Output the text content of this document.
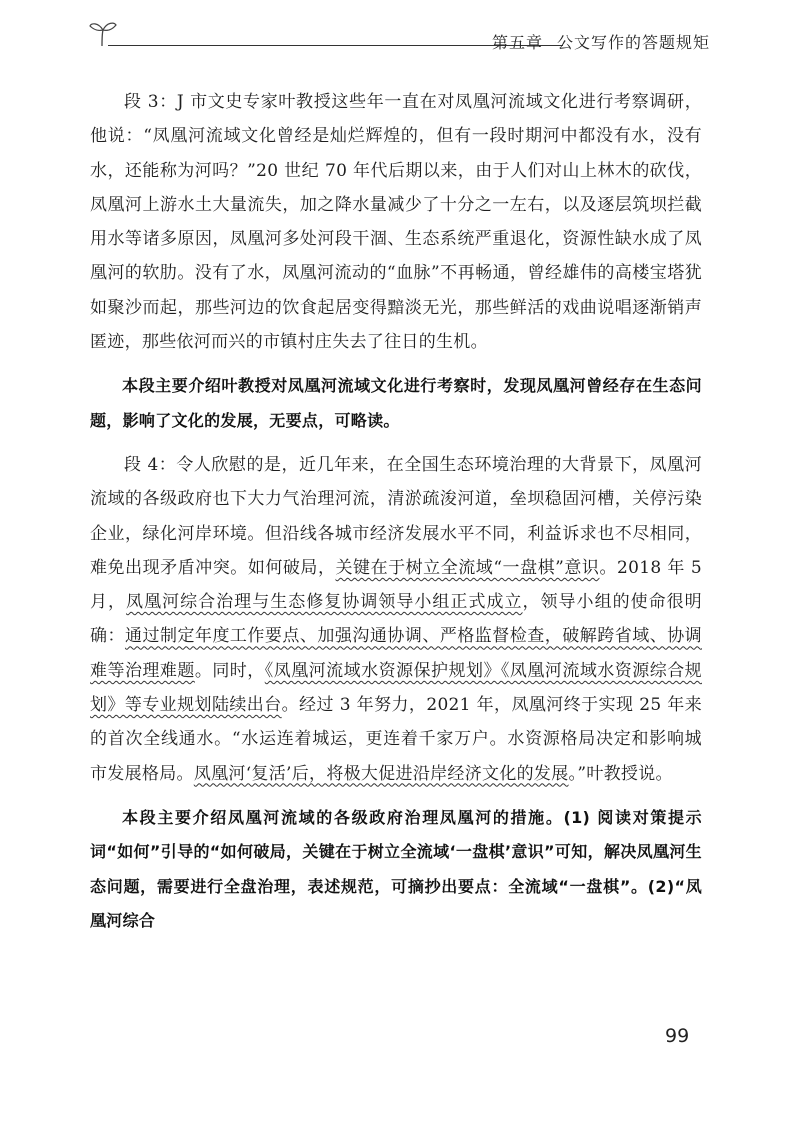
第五章 公文写作的答题规矩

段 3：J 市文史专家叶教授这些年一直在对凤凰河流域文化进行考察调研，他说：“凤凰河流域文化曾经是灿烂辉煌的，但有一段时期河中都没有水，没有水，还能称为河吗？”20 世纪 70 年代后期以来，由于人们对山上林木的砍伐，凤凰河上游水土大量流失，加之降水量减少了十分之一左右，以及逐层筑坝拦截用水等诸多原因，凤凰河多处河段干涸、生态系统严重退化，资源性缺水成了凤凰河的软肋。没有了水，凤凰河流动的“血脉”不再畅通，曾经雄伟的高楼宝塔犹如聚沙而起，那些河边的饮食起居变得黯淡无光，那些鲜活的戏曲说唱逐渐销声匿迹，那些依河而兴的市镇村庄失去了往日的生机。

本段主要介绍叶教授对凤凰河流域文化进行考察时，发现凤凰河曾经存在生态问题，影响了文化的发展，无要点，可略读。

段 4：令人欣慰的是，近几年来，在全国生态环境治理的大背景下，凤凰河流域的各级政府也下大力气治理河流，清淤疏浚河道，垒坝稳固河槽，关停污染企业，绿化河岸环境。但沿线各城市经济发展水平不同，利益诉求也不尽相同，难免出现矛盾冲突。如何破局，关键在于树立全流域“一盘棋”意识。2018 年 5 月，凤凰河综合治理与生态修复协调领导小组正式成立，领导小组的使命很明确：通过制定年度工作要点、加强沟通协调、严格监督检查，破解跨省域、协调难等治理难题。同时，《凤凰河流域水资源保护规划》《凤凰河流域水资源综合规划》等专业规划陆续出台。经过 3 年努力，2021 年，凤凰河终于实现 25 年来的首次全线通水。“水运连着城运，更连着千家万户。水资源格局决定和影响城市发展格局。凤凰河‘复活’后，将极大促进沿岸经济文化的发展。”叶教授说。

本段主要介绍凤凰河流域的各级政府治理凤凰河的措施。(1) 阅读对策提示词“如何”引导的“如何破局，关键在于树立全流域‘一盘棋’意识”可知，解决凤凰河生态问题，需要进行全盘治理，表述规范，可摘抄出要点：全流域“一盘棋”。(2)“凤凰河综合

99
